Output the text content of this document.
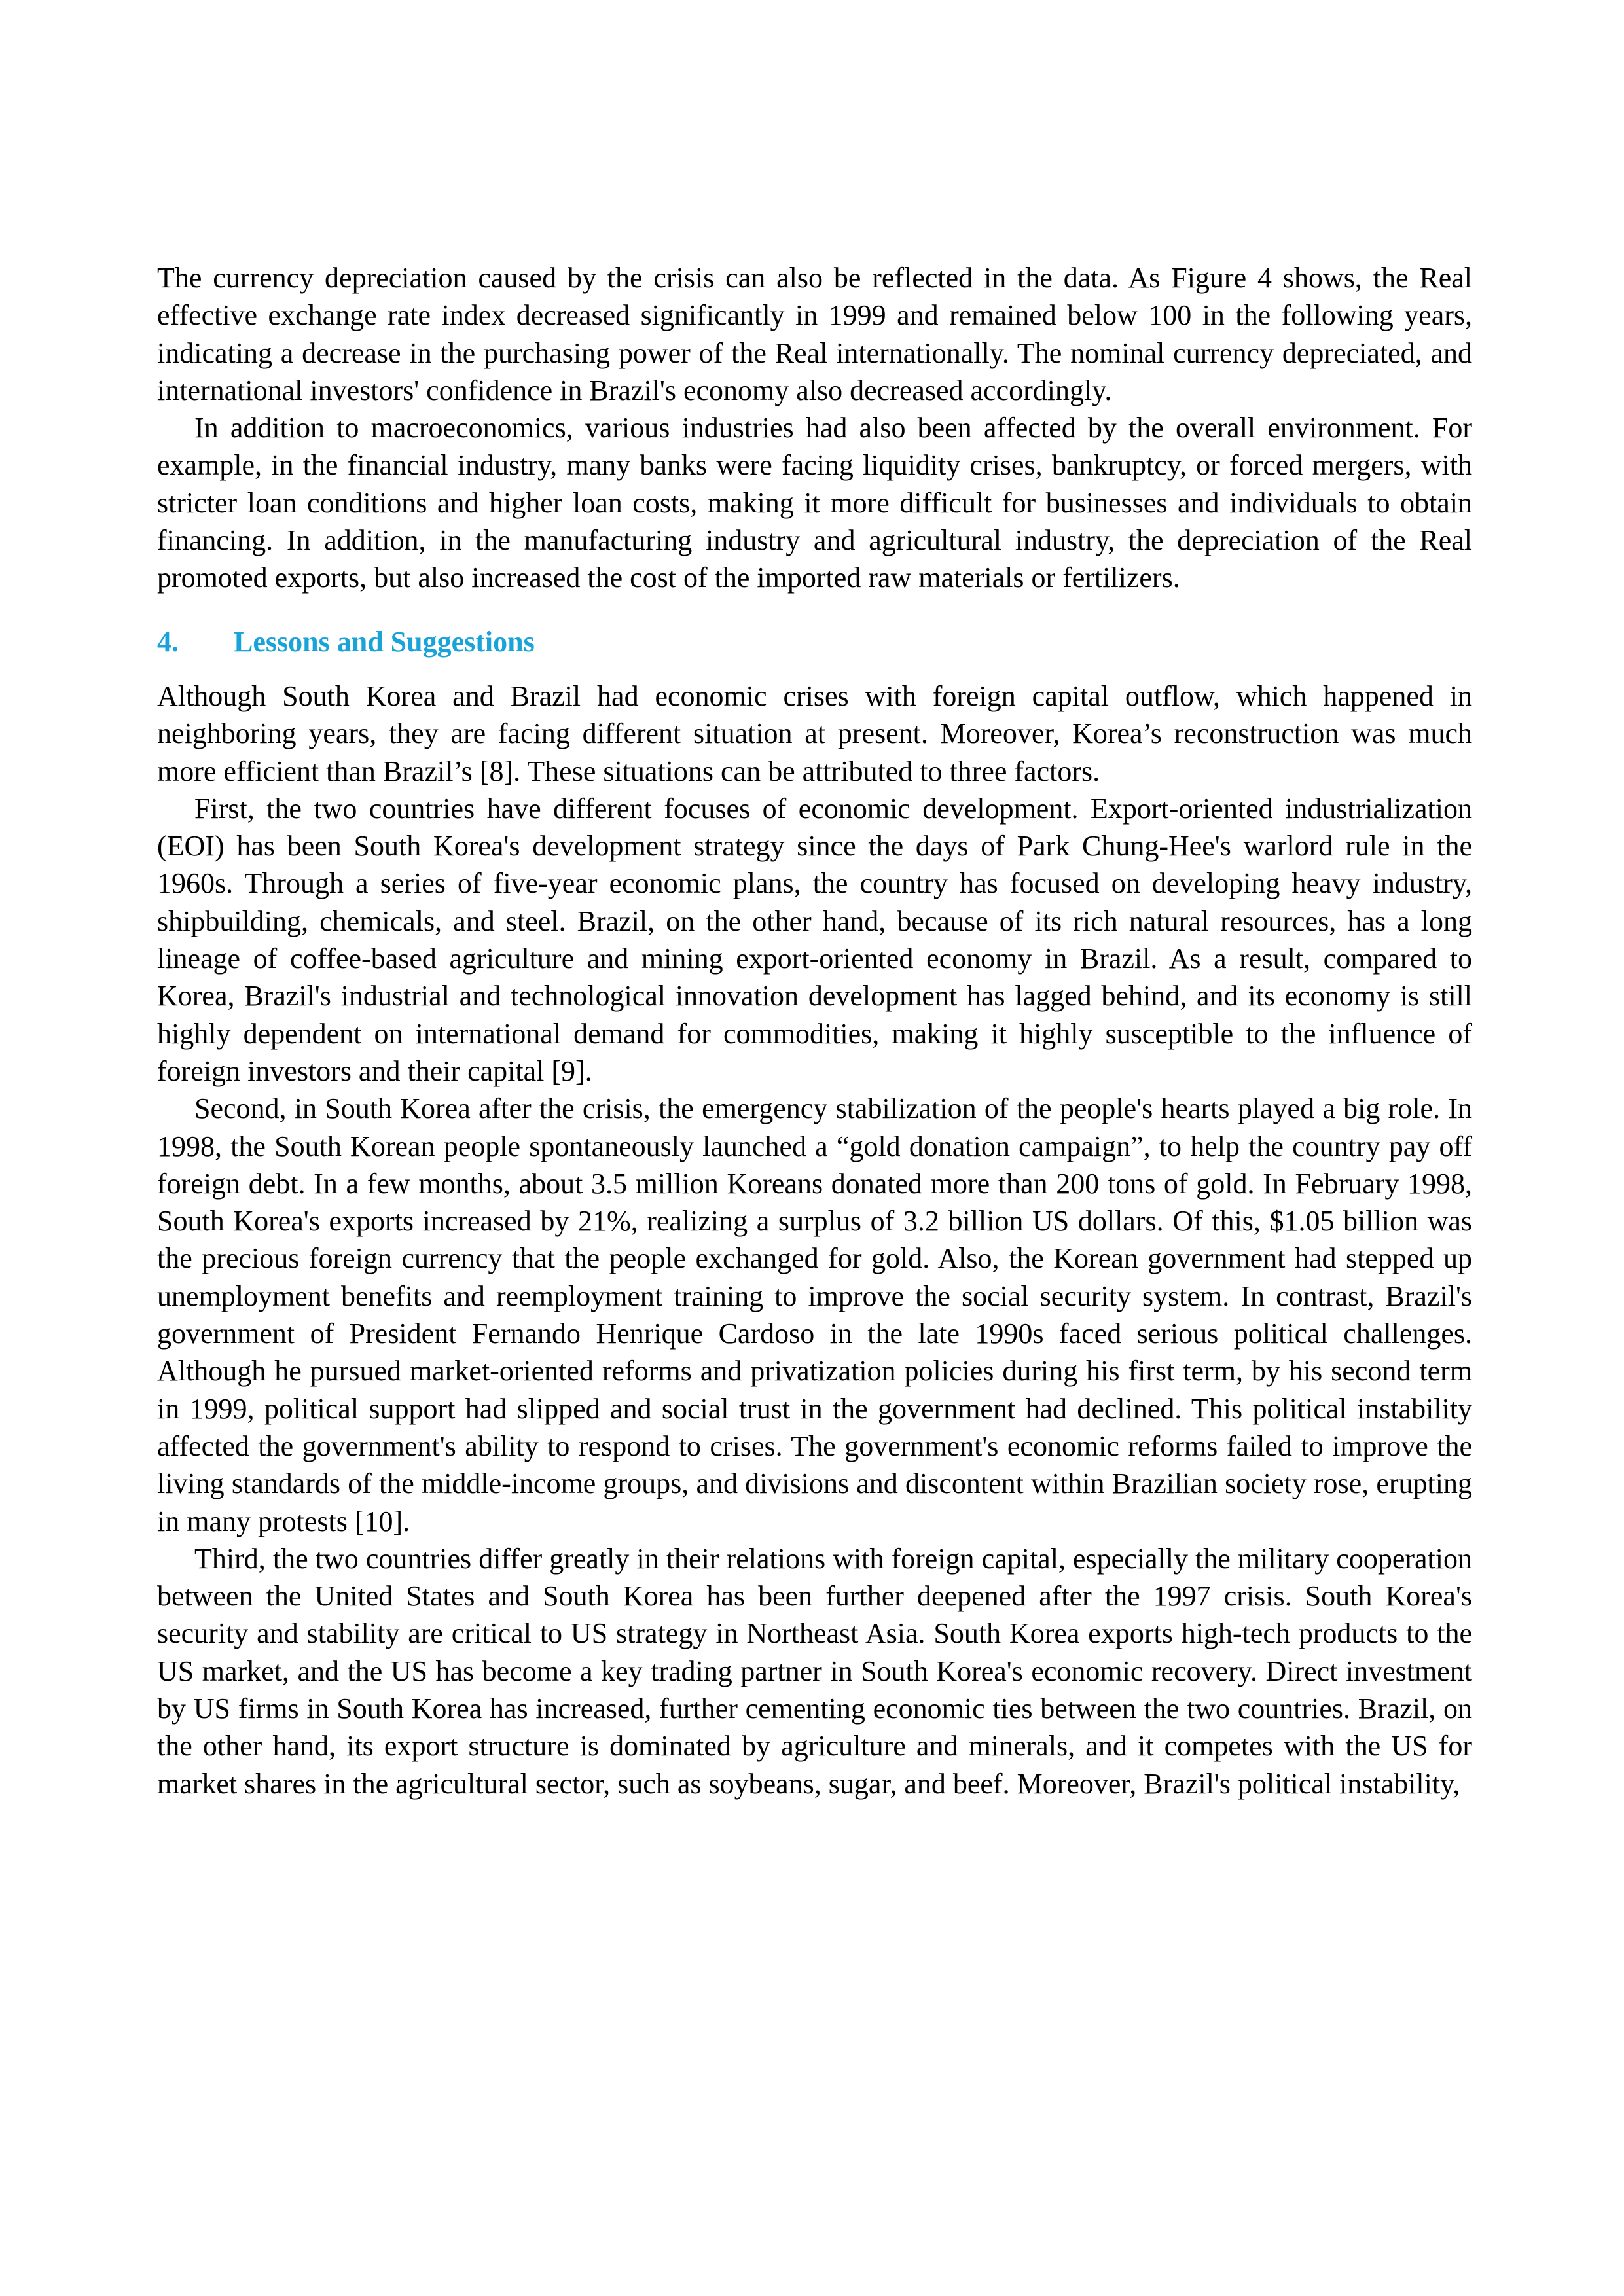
The currency depreciation caused by the crisis can also be reflected in the data. As Figure 4 shows, the Real effective exchange rate index decreased significantly in 1999 and remained below 100 in the following years, indicating a decrease in the purchasing power of the Real internationally. The nominal currency depreciated, and international investors' confidence in Brazil's economy also decreased accordingly.

In addition to macroeconomics, various industries had also been affected by the overall environment. For example, in the financial industry, many banks were facing liquidity crises, bankruptcy, or forced mergers, with stricter loan conditions and higher loan costs, making it more difficult for businesses and individuals to obtain financing. In addition, in the manufacturing industry and agricultural industry, the depreciation of the Real promoted exports, but also increased the cost of the imported raw materials or fertilizers.

4. Lessons and Suggestions

Although South Korea and Brazil had economic crises with foreign capital outflow, which happened in neighboring years, they are facing different situation at present. Moreover, Korea’s reconstruction was much more efficient than Brazil’s [8]. These situations can be attributed to three factors.

First, the two countries have different focuses of economic development. Export-oriented industrialization (EOI) has been South Korea's development strategy since the days of Park Chung-Hee's warlord rule in the 1960s. Through a series of five-year economic plans, the country has focused on developing heavy industry, shipbuilding, chemicals, and steel. Brazil, on the other hand, because of its rich natural resources, has a long lineage of coffee-based agriculture and mining export-oriented economy in Brazil. As a result, compared to Korea, Brazil's industrial and technological innovation development has lagged behind, and its economy is still highly dependent on international demand for commodities, making it highly susceptible to the influence of foreign investors and their capital [9].

Second, in South Korea after the crisis, the emergency stabilization of the people's hearts played a big role. In 1998, the South Korean people spontaneously launched a “gold donation campaign”, to help the country pay off foreign debt. In a few months, about 3.5 million Koreans donated more than 200 tons of gold. In February 1998, South Korea's exports increased by 21%, realizing a surplus of 3.2 billion US dollars. Of this, $1.05 billion was the precious foreign currency that the people exchanged for gold. Also, the Korean government had stepped up unemployment benefits and reemployment training to improve the social security system. In contrast, Brazil's government of President Fernando Henrique Cardoso in the late 1990s faced serious political challenges. Although he pursued market-oriented reforms and privatization policies during his first term, by his second term in 1999, political support had slipped and social trust in the government had declined. This political instability affected the government's ability to respond to crises. The government's economic reforms failed to improve the living standards of the middle-income groups, and divisions and discontent within Brazilian society rose, erupting in many protests [10].

Third, the two countries differ greatly in their relations with foreign capital, especially the military cooperation between the United States and South Korea has been further deepened after the 1997 crisis. South Korea's security and stability are critical to US strategy in Northeast Asia. South Korea exports high-tech products to the US market, and the US has become a key trading partner in South Korea's economic recovery. Direct investment by US firms in South Korea has increased, further cementing economic ties between the two countries. Brazil, on the other hand, its export structure is dominated by agriculture and minerals, and it competes with the US for market shares in the agricultural sector, such as soybeans, sugar, and beef. Moreover, Brazil's political instability,
